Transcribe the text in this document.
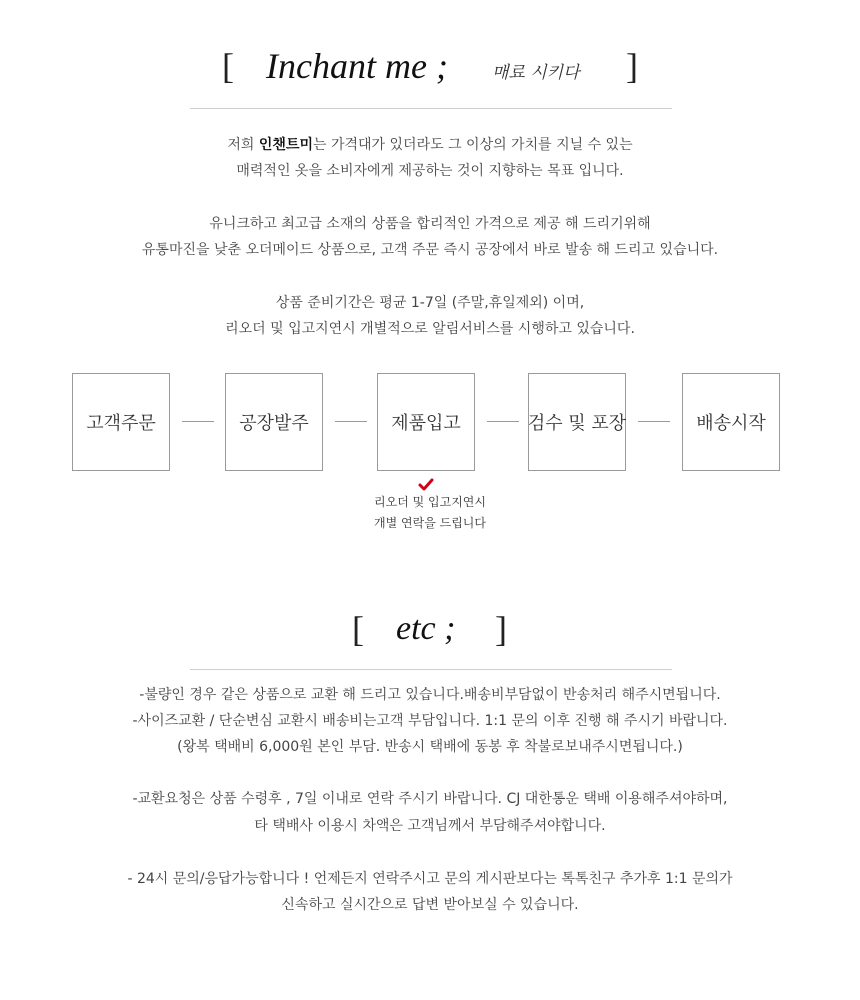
[ Inchant me ;	매료 시키다 ]
저희 인챈트미는 가격대가 있더라도 그 이상의 가치를 지닐 수 있는
매력적인 옷을 소비자에게 제공하는 것이 지향하는 목표 입니다.
유니크하고 최고급 소재의 상품을 합리적인 가격으로 제공 해 드리기위해
유통마진을 낮춘 오더메이드 상품으로, 고객 주문 즉시 공장에서 바로 발송 해 드리고 있습니다.
상품 준비기간은 평균 1-7일 (주말,휴일제외) 이며,
리오더 및 입고지연시 개별적으로 알림서비스를 시행하고 있습니다.
고객주문	공장발주	제품입고	검수 및 포장	배송시작
리오더 및 입고지연시
개별 연락을 드립니다
[ etc ; ]
-불량인 경우 같은 상품으로 교환 해 드리고 있습니다.배송비부담없이 반송처리 해주시면됩니다.
-사이즈교환 / 단순변심 교환시 배송비는고객 부담입니다. 1:1 문의 이후 진행 해 주시기 바랍니다.
(왕복 택배비 6,000원 본인 부담. 반송시 택배에 동봉 후 착불로보내주시면됩니다.)
-교환요청은 상품 수령후 , 7일 이내로 연락 주시기 바랍니다. CJ 대한통운 택배 이용해주셔야하며,
타 택배사 이용시 차액은 고객님께서 부담해주셔야합니다.
- 24시 문의/응답가능합니다 ! 언제든지 연락주시고 문의 게시판보다는 톡톡친구 추가후 1:1 문의가
신속하고 실시간으로 답변 받아보실 수 있습니다.
